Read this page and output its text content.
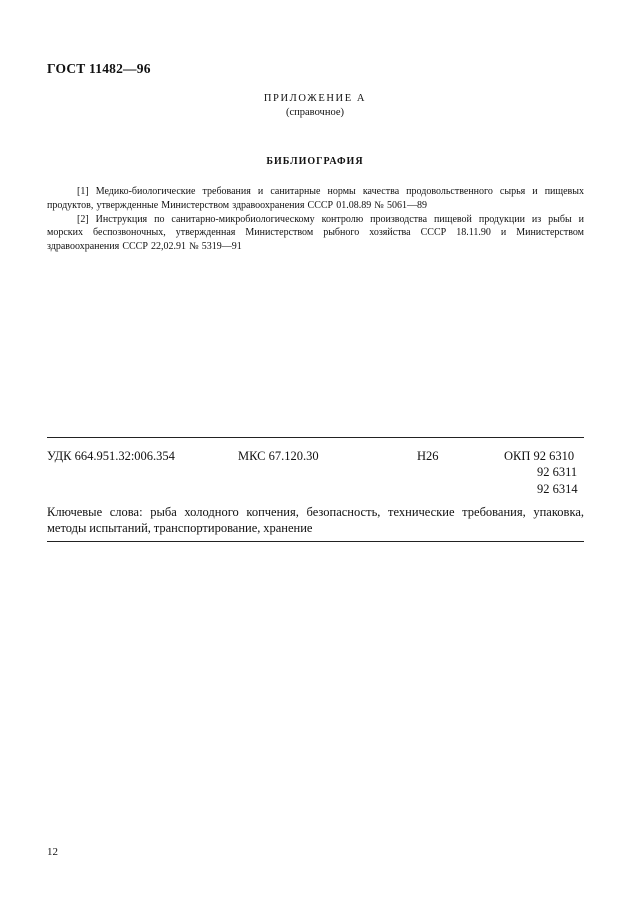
ГОСТ 11482—96
ПРИЛОЖЕНИЕ А
(справочное)
БИБЛИОГРАФИЯ

[1] Медико-биологические требования и санитарные нормы качества продовольственного сырья и пищевых продуктов, утвержденные Министерством здравоохранения СССР 01.08.89 № 5061—89

[2] Инструкция по санитарно-микробиологическому контролю производства пищевой продукции из рыбы и морских беспозвоночных, утвержденная Министерством рыбного хозяйства СССР 18.11.90 и Министерством здравоохранения СССР 22,02.91 № 5319—91

УДК 664.951.32:006.354	МКС 67.120.30	Н26	ОКП 92 6310
92 6311
92 6314
Ключевые слова: рыба холодного копчения, безопасность, технические требования, упаковка, методы испытаний, транспортирование, хранение
12
